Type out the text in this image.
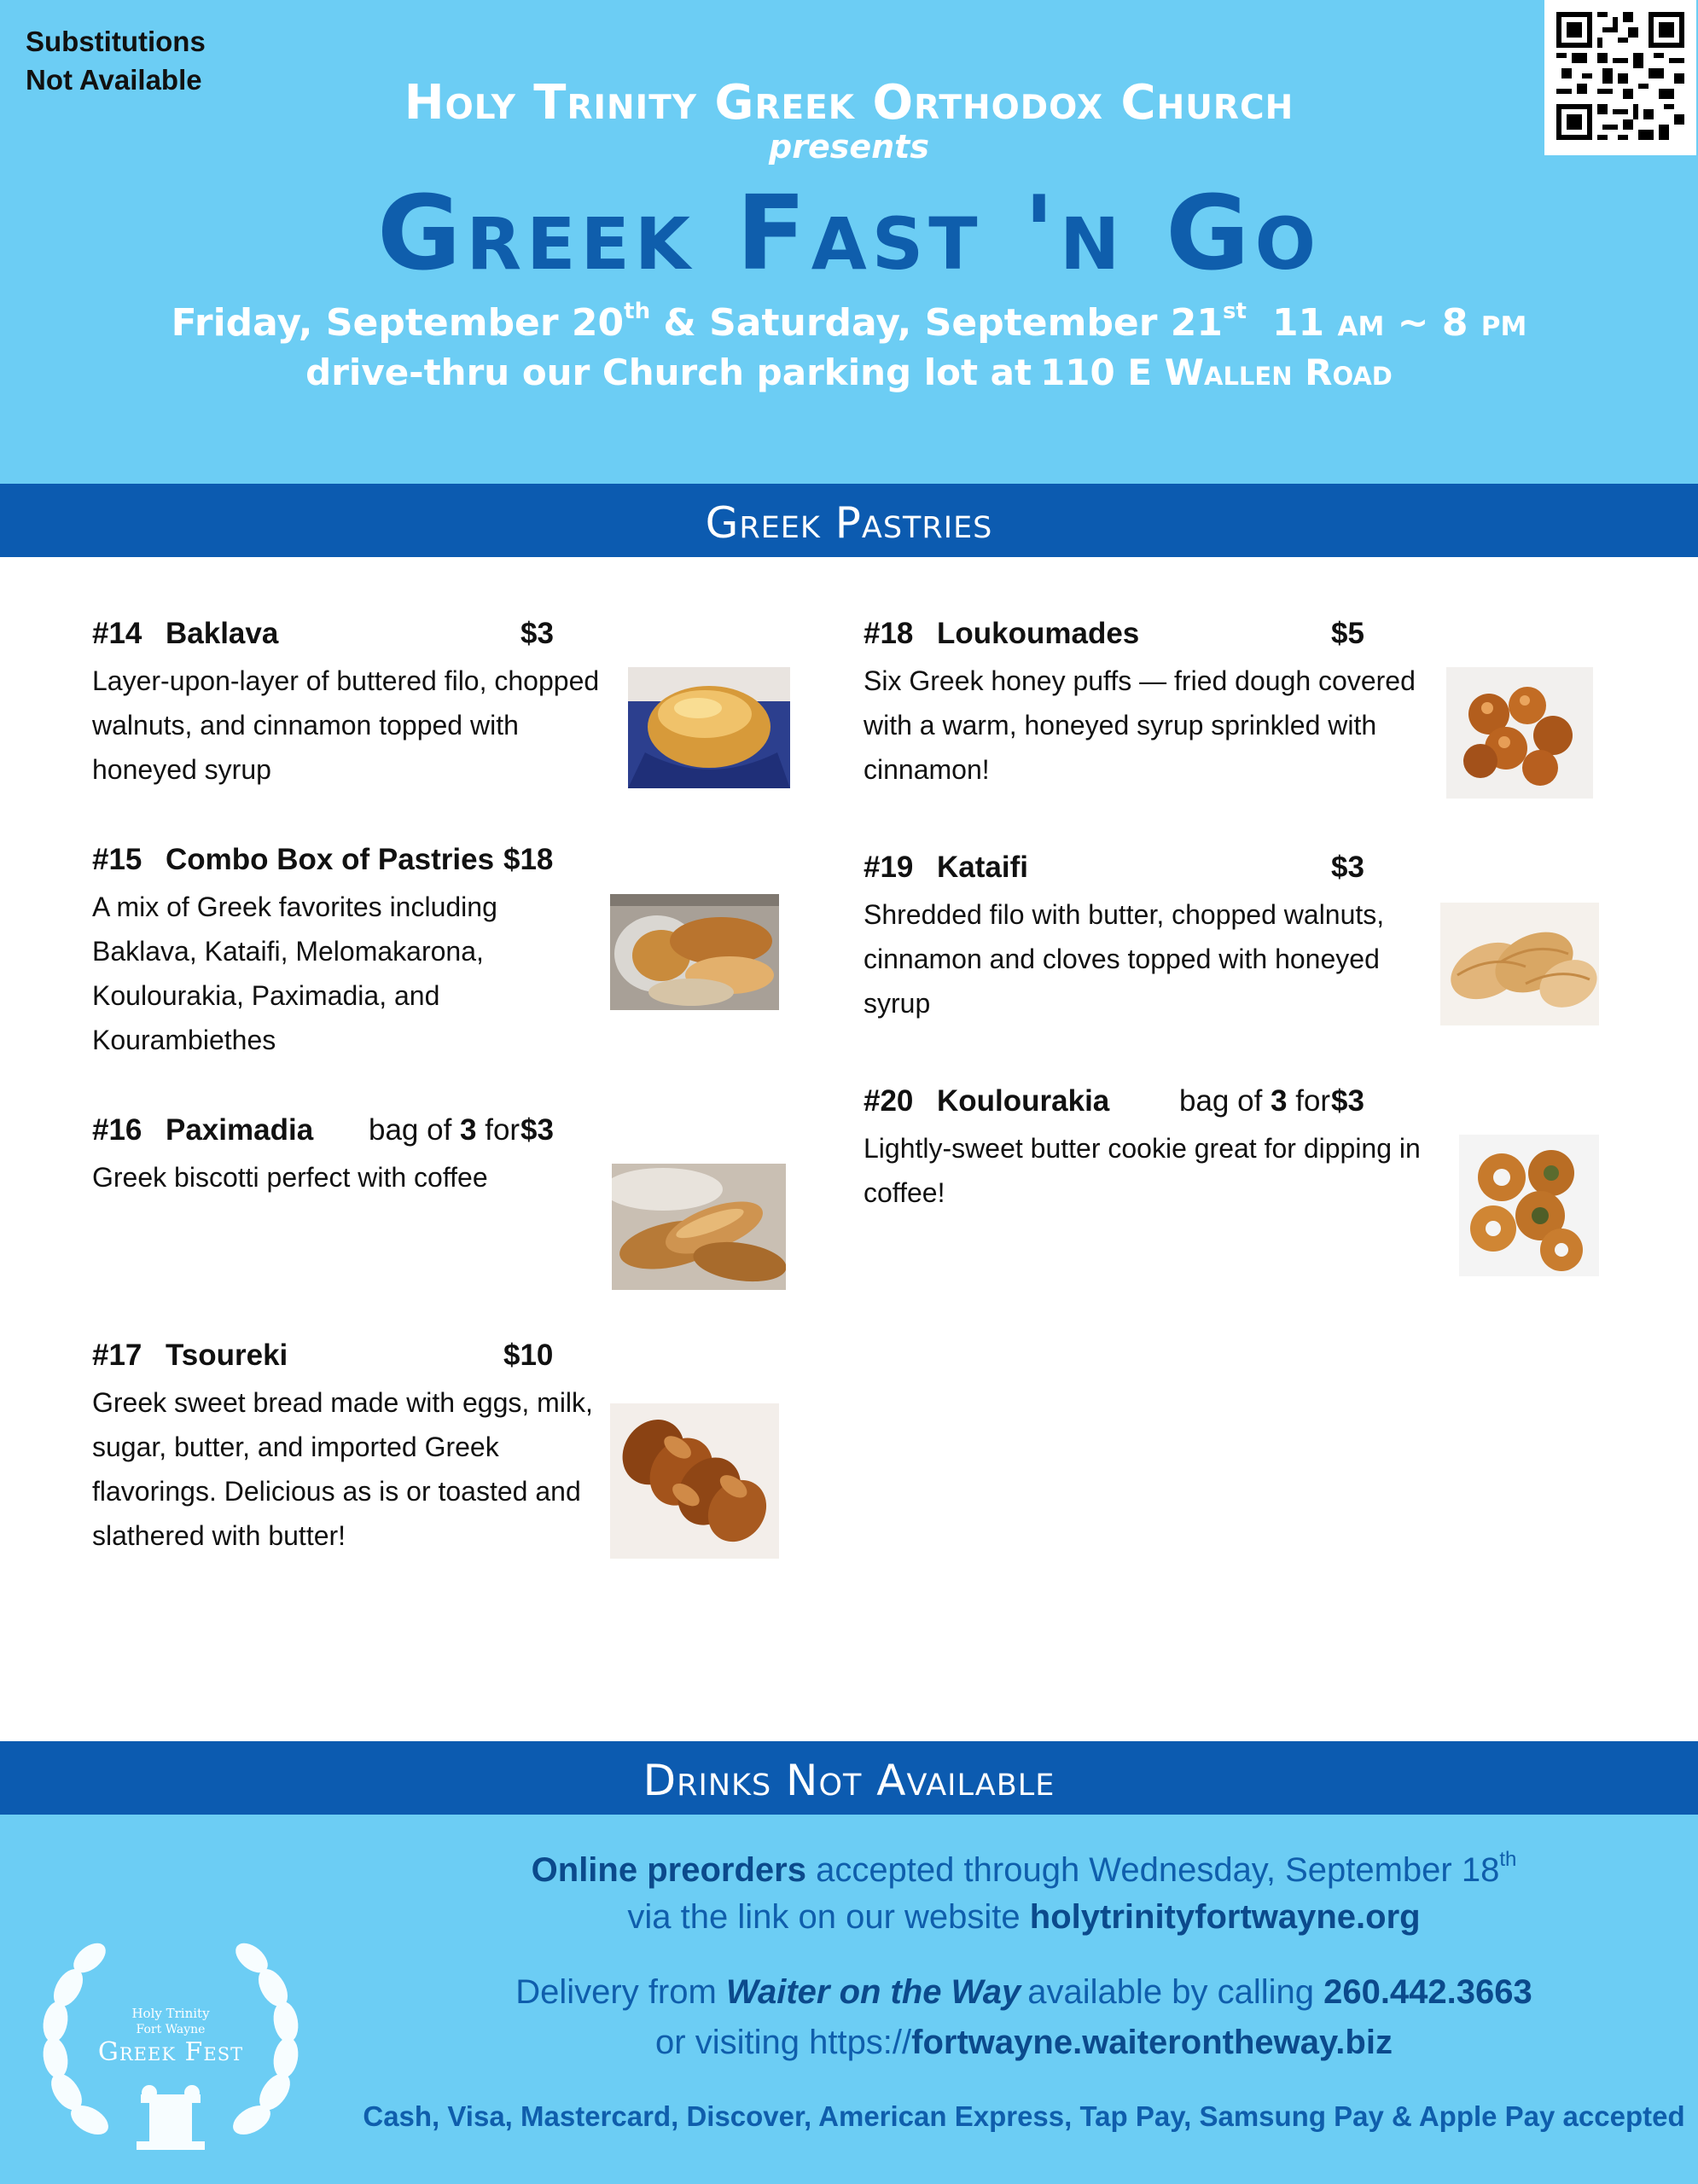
Substitutions
Not Available	Holy Trinity Greek Orthodox Church
presents
Greek Fast 'n Go
Friday, September 20th & Saturday, September 21st 11 am ~ 8 pm
drive-thru our Church parking lot at 110 E Wallen Road
Greek Pastries
#14 Baklava	$3
Layer-upon-layer of buttered filo, chopped walnuts, and cinnamon topped with honeyed syrup
#15 Combo Box of Pastries $18
A mix of Greek favorites including Baklava, Kataifi, Melomakarona, Koulourakia, Paximadia, and Kourambiethes
#16 Paximadia bag of 3 for $3
Greek biscotti perfect with coffee
#17 Tsoureki	$10
Greek sweet bread made with eggs, milk, sugar, butter, and imported Greek flavorings. Delicious as is or toasted and slathered with butter!
#18 Loukoumades	$5
Six Greek honey puffs — fried dough covered with a warm, honeyed syrup sprinkled with cinnamon!
#19 Kataifi	$3
Shredded filo with butter, chopped walnuts, cinnamon and cloves topped with honeyed syrup
#20 Koulourakia bag of 3 for $3
Lightly-sweet butter cookie great for dipping in coffee!
Drinks Not Available
Holy Trinity
Fort Wayne
Greek Fest
Online preorders accepted through Wednesday, September 18th
via the link on our website holytrinityfortwayne.org
Delivery from Waiter on the Way available by calling 260.442.3663
or visiting https://fortwayne.waiterontheway.biz
Cash, Visa, Mastercard, Discover, American Express, Tap Pay, Samsung Pay & Apple Pay accepted
